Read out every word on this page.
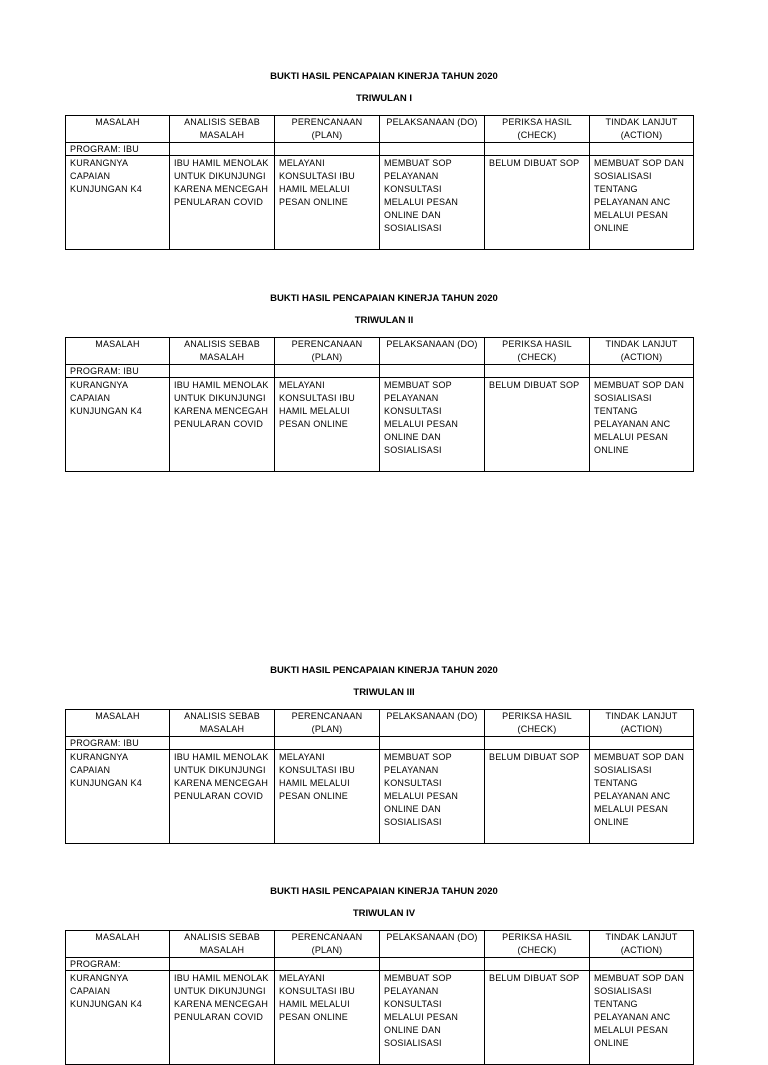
BUKTI HASIL PENCAPAIAN KINERJA TAHUN 2020
TRIWULAN I
MASALAH	ANALISIS SEBAB MASALAH	PERENCANAAN (PLAN)	PELAKSANAAN (DO)	PERIKSA HASIL (CHECK)	TINDAK LANJUT (ACTION)
PROGRAM: IBU					
KURANGNYA CAPAIAN KUNJUNGAN K4	IBU HAMIL MENOLAK UNTUK DIKUNJUNGI KARENA MENCEGAH PENULARAN COVID	MELAYANI KONSULTASI IBU HAMIL MELALUI PESAN ONLINE	MEMBUAT SOP PELAYANAN KONSULTASI MELALUI PESAN ONLINE DAN SOSIALISASI	BELUM DIBUAT SOP	MEMBUAT SOP DAN SOSIALISASI TENTANG PELAYANAN ANC MELALUI PESAN ONLINE
BUKTI HASIL PENCAPAIAN KINERJA TAHUN 2020
TRIWULAN II
MASALAH	ANALISIS SEBAB MASALAH	PERENCANAAN (PLAN)	PELAKSANAAN (DO)	PERIKSA HASIL (CHECK)	TINDAK LANJUT (ACTION)
PROGRAM: IBU					
KURANGNYA CAPAIAN KUNJUNGAN K4	IBU HAMIL MENOLAK UNTUK DIKUNJUNGI KARENA MENCEGAH PENULARAN COVID	MELAYANI KONSULTASI IBU HAMIL MELALUI PESAN ONLINE	MEMBUAT SOP PELAYANAN KONSULTASI MELALUI PESAN ONLINE DAN SOSIALISASI	BELUM DIBUAT SOP	MEMBUAT SOP DAN SOSIALISASI TENTANG PELAYANAN ANC MELALUI PESAN ONLINE
BUKTI HASIL PENCAPAIAN KINERJA TAHUN 2020
TRIWULAN III
MASALAH	ANALISIS SEBAB MASALAH	PERENCANAAN (PLAN)	PELAKSANAAN (DO)	PERIKSA HASIL (CHECK)	TINDAK LANJUT (ACTION)
PROGRAM: IBU					
KURANGNYA CAPAIAN KUNJUNGAN K4	IBU HAMIL MENOLAK UNTUK DIKUNJUNGI KARENA MENCEGAH PENULARAN COVID	MELAYANI KONSULTASI IBU HAMIL MELALUI PESAN ONLINE	MEMBUAT SOP PELAYANAN KONSULTASI MELALUI PESAN ONLINE DAN SOSIALISASI	BELUM DIBUAT SOP	MEMBUAT SOP DAN SOSIALISASI TENTANG PELAYANAN ANC MELALUI PESAN ONLINE
BUKTI HASIL PENCAPAIAN KINERJA TAHUN 2020
TRIWULAN IV
MASALAH	ANALISIS SEBAB MASALAH	PERENCANAAN (PLAN)	PELAKSANAAN (DO)	PERIKSA HASIL (CHECK)	TINDAK LANJUT (ACTION)
PROGRAM:					
KURANGNYA CAPAIAN KUNJUNGAN K4	IBU HAMIL MENOLAK UNTUK DIKUNJUNGI KARENA MENCEGAH PENULARAN COVID	MELAYANI KONSULTASI IBU HAMIL MELALUI PESAN ONLINE	MEMBUAT SOP PELAYANAN KONSULTASI MELALUI PESAN ONLINE DAN SOSIALISASI	BELUM DIBUAT SOP	MEMBUAT SOP DAN SOSIALISASI TENTANG PELAYANAN ANC MELALUI PESAN ONLINE
